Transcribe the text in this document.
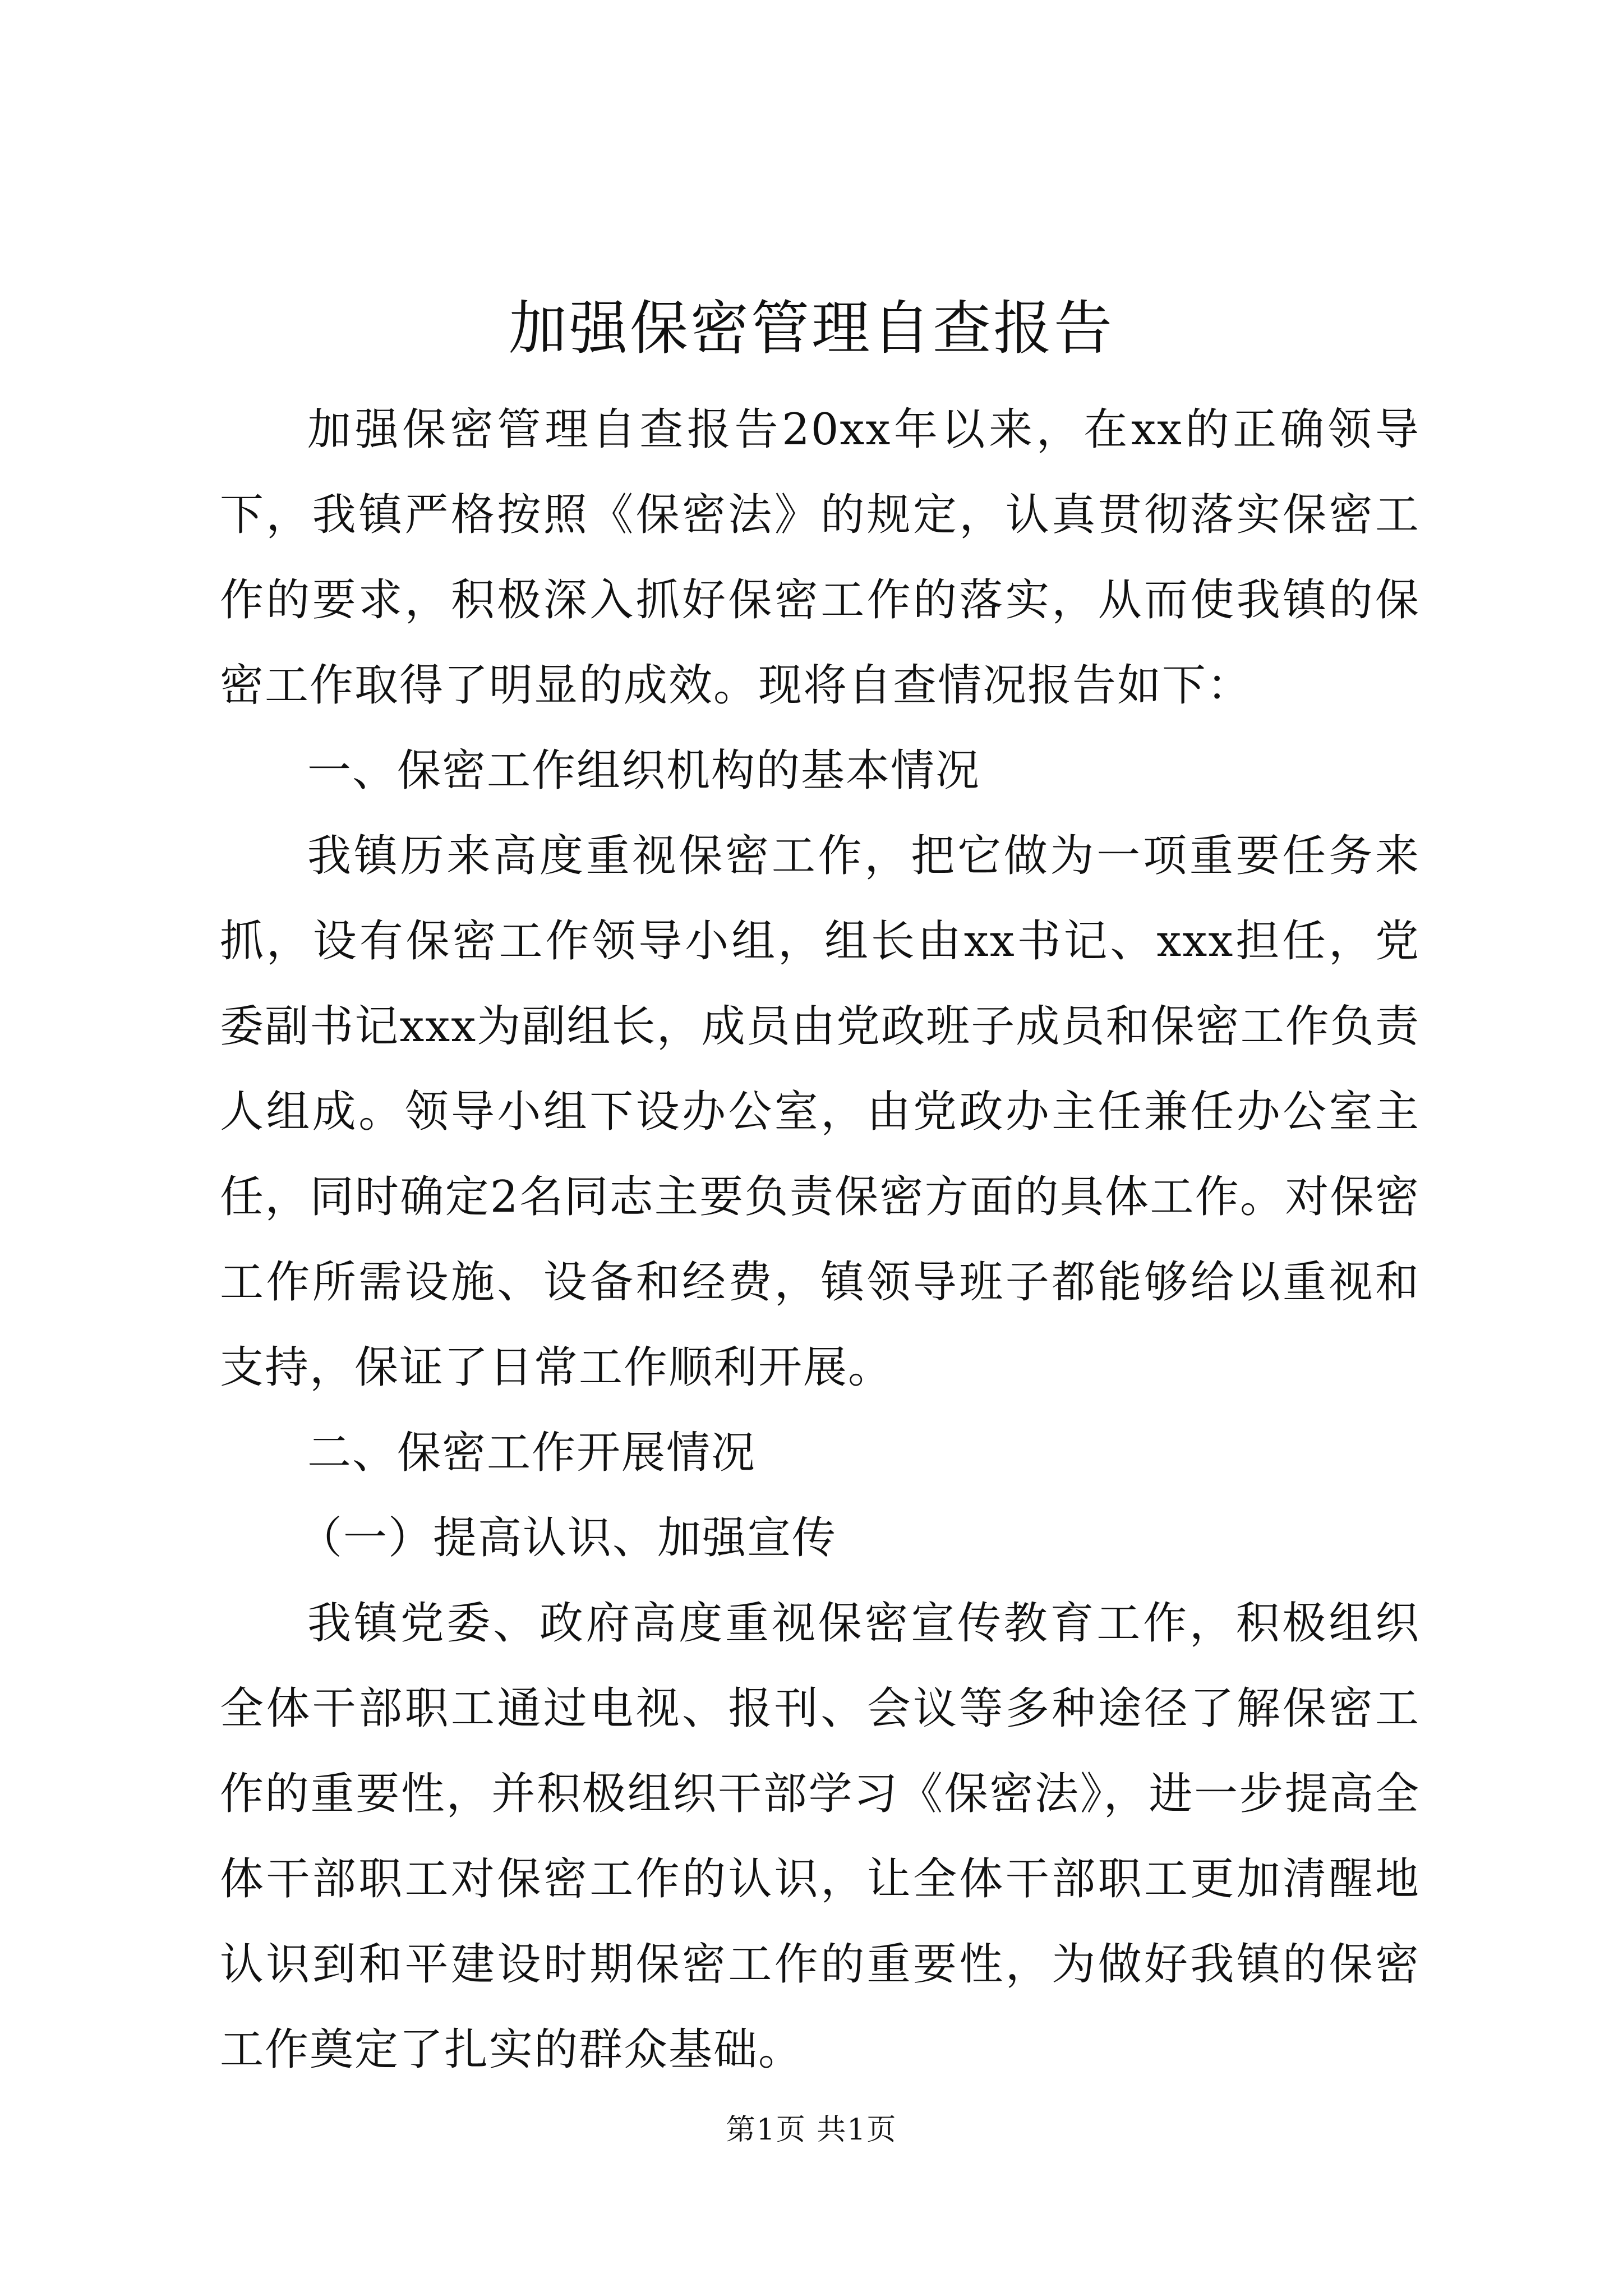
加强保密管理自查报告

加强保密管理自查报告20xx年以来，在xx的正确领导下，我镇严格按照《保密法》的规定，认真贯彻落实保密工作的要求，积极深入抓好保密工作的落实，从而使我镇的保密工作取得了明显的成效。现将自查情况报告如下：

一、保密工作组织机构的基本情况

我镇历来高度重视保密工作，把它做为一项重要任务来抓，设有保密工作领导小组，组长由xx书记、xxx担任，党委副书记xxx为副组长，成员由党政班子成员和保密工作负责人组成。领导小组下设办公室，由党政办主任兼任办公室主任，同时确定2名同志主要负责保密方面的具体工作。对保密工作所需设施、设备和经费，镇领导班子都能够给以重视和支持，保证了日常工作顺利开展。

二、保密工作开展情况

（一）提高认识、加强宣传

我镇党委、政府高度重视保密宣传教育工作，积极组织全体干部职工通过电视、报刊、会议等多种途径了解保密工作的重要性，并积极组织干部学习《保密法》，进一步提高全体干部职工对保密工作的认识，让全体干部职工更加清醒地认识到和平建设时期保密工作的重要性，为做好我镇的保密工作奠定了扎实的群众基础。

第1页 共1页
